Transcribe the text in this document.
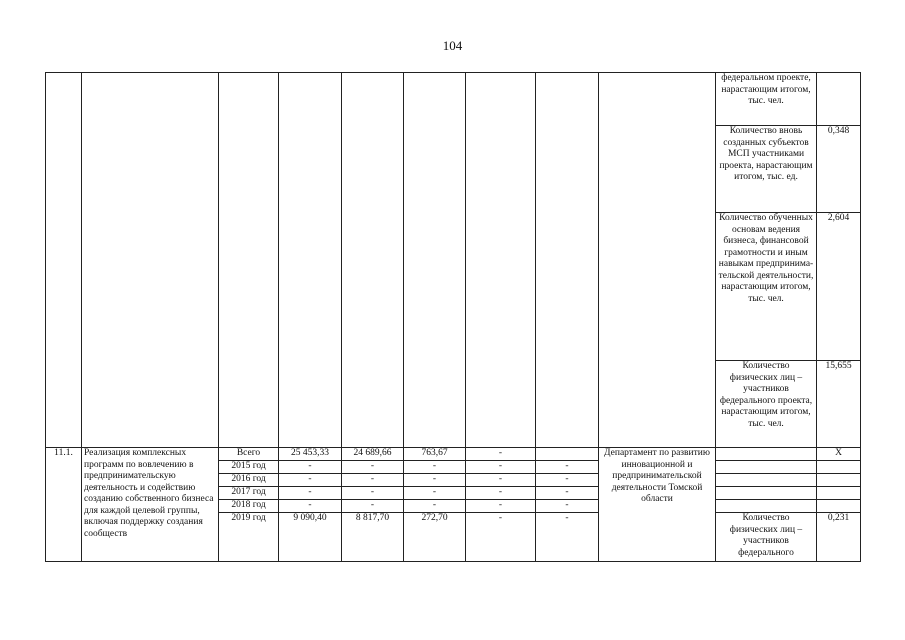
104
									федеральном проекте, нарастающим итогом, тыс. чел.	
									Количество вновь созданных субъектов МСП участниками проекта, нарастающим итогом, тыс. ед.	0,348
									Количество обученных основам ведения бизнеса, финансовой грамотности и иным навыкам предпринима-тельской деятельности, нарастающим итогом, тыс. чел.	2,604
									Количество физических лиц – участников федерального проекта, нарастающим итогом, тыс. чел.	15,655
11.1.	Реализация комплексных программ по вовлечению в предпринимательскую деятельность и содействию созданию собственного бизнеса для каждой целевой группы, включая поддержку создания сообществ	Всего	25 453,33	24 689,66	763,67	-		Департамент по развитию инновационной и предпринимательской деятельности Томской области		Х
		2015 год	-	-	-	-	-			
		2016 год	-	-	-	-	-			
		2017 год	-	-	-	-	-			
		2018 год	-	-	-	-	-			
		2019 год	9 090,40	8 817,70	272,70	-	-		Количество физических лиц – участников федерального	0,231
